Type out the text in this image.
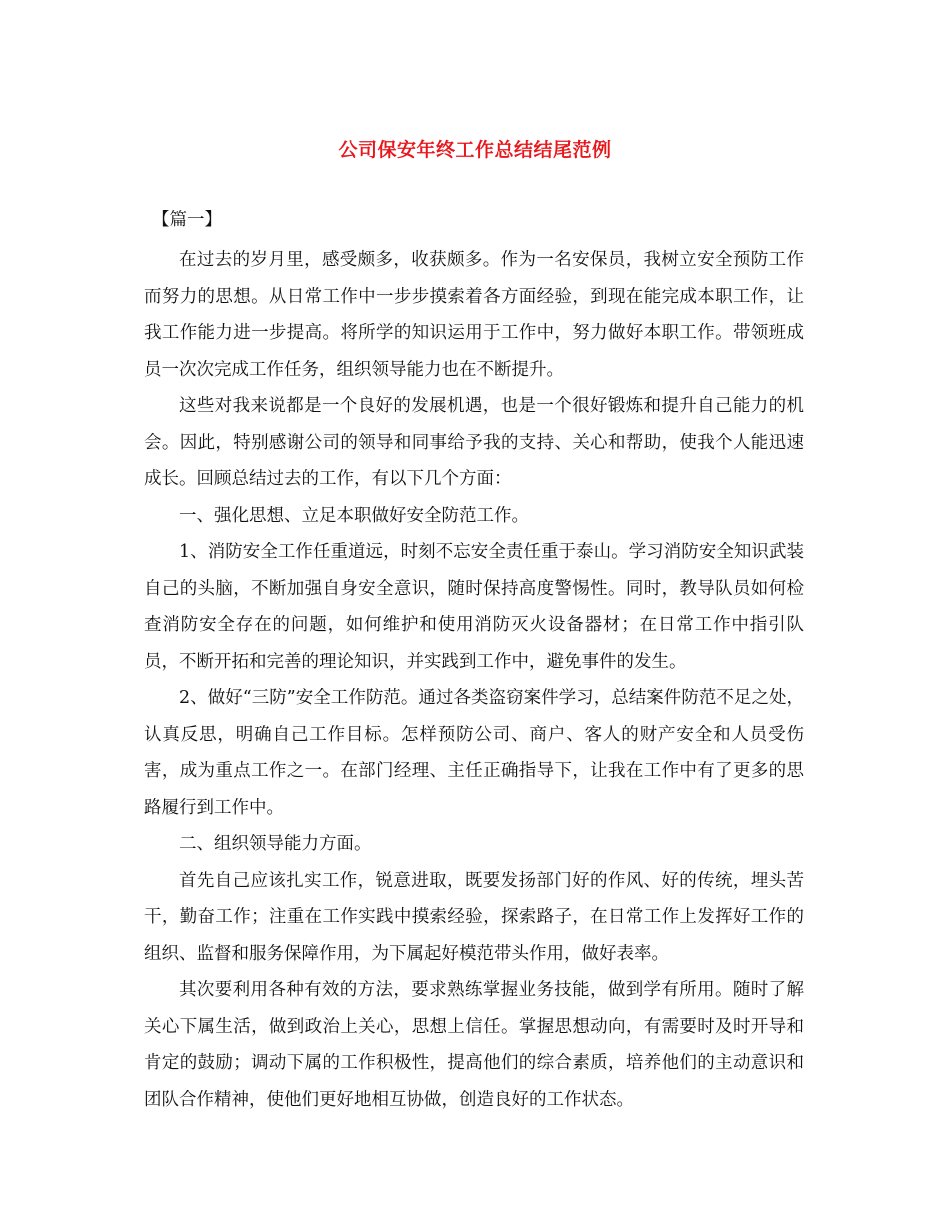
公司保安年终工作总结结尾范例
【篇一】

在过去的岁月里，感受颇多，收获颇多。作为一名安保员，我树立安全预防工作而努力的思想。从日常工作中一步步摸索着各方面经验，到现在能完成本职工作，让我工作能力进一步提高。将所学的知识运用于工作中，努力做好本职工作。带领班成员一次次完成工作任务，组织领导能力也在不断提升。

这些对我来说都是一个良好的发展机遇，也是一个很好锻炼和提升自己能力的机会。因此，特别感谢公司的领导和同事给予我的支持、关心和帮助，使我个人能迅速成长。回顾总结过去的工作，有以下几个方面：

一、强化思想、立足本职做好安全防范工作。

1、消防安全工作任重道远，时刻不忘安全责任重于泰山。学习消防安全知识武装自己的头脑，不断加强自身安全意识，随时保持高度警惕性。同时，教导队员如何检查消防安全存在的问题，如何维护和使用消防灭火设备器材；在日常工作中指引队员，不断开拓和完善的理论知识，并实践到工作中，避免事件的发生。

2、做好“三防”安全工作防范。通过各类盗窃案件学习，总结案件防范不足之处，认真反思，明确自己工作目标。怎样预防公司、商户、客人的财产安全和人员受伤害，成为重点工作之一。在部门经理、主任正确指导下，让我在工作中有了更多的思路履行到工作中。

二、组织领导能力方面。

首先自己应该扎实工作，锐意进取，既要发扬部门好的作风、好的传统，埋头苦干，勤奋工作；注重在工作实践中摸索经验，探索路子，在日常工作上发挥好工作的组织、监督和服务保障作用，为下属起好模范带头作用，做好表率。

其次要利用各种有效的方法，要求熟练掌握业务技能，做到学有所用。随时了解关心下属生活，做到政治上关心，思想上信任。掌握思想动向，有需要时及时开导和肯定的鼓励；调动下属的工作积极性，提高他们的综合素质，培养他们的主动意识和团队合作精神，使他们更好地相互协做，创造良好的工作状态。
